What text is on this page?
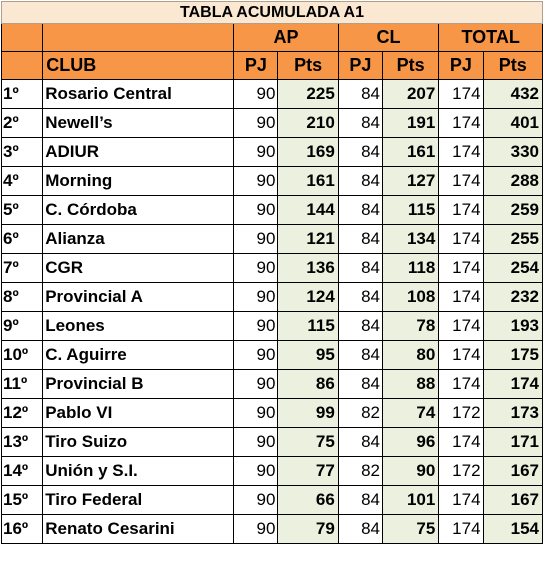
TABLA ACUMULADA A1							
		AP		CL		TOTAL	
	CLUB	PJ	Pts	PJ	Pts	PJ	Pts
1º	Rosario Central	90	225	84	207	174	432
2º	Newell’s	90	210	84	191	174	401
3º	ADIUR	90	169	84	161	174	330
4º	Morning	90	161	84	127	174	288
5º	C. Córdoba	90	144	84	115	174	259
6º	Alianza	90	121	84	134	174	255
7º	CGR	90	136	84	118	174	254
8º	Provincial A	90	124	84	108	174	232
9º	Leones	90	115	84	78	174	193
10º	C. Aguirre	90	95	84	80	174	175
11º	Provincial B	90	86	84	88	174	174
12º	Pablo VI	90	99	82	74	172	173
13º	Tiro Suizo	90	75	84	96	174	171
14º	Unión y S.I.	90	77	82	90	172	167
15º	Tiro Federal	90	66	84	101	174	167
16º	Renato Cesarini	90	79	84	75	174	154
